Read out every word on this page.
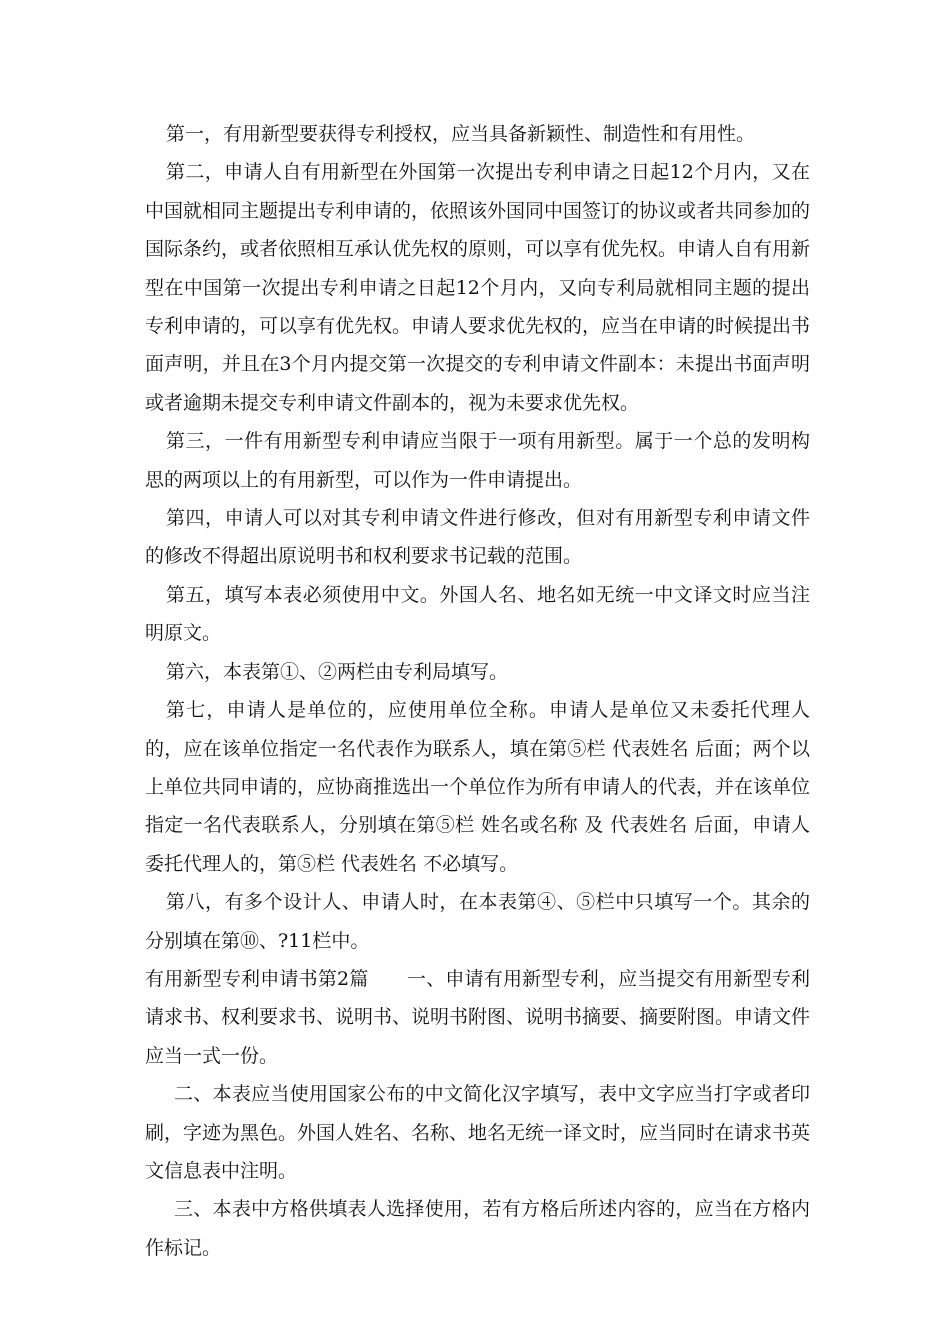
第一，有用新型要获得专利授权，应当具备新颖性、制造性和有用性。

第二，申请人自有用新型在外国第一次提出专利申请之日起12个月内，又在中国就相同主题提出专利申请的，依照该外国同中国签订的协议或者共同参加的国际条约，或者依照相互承认优先权的原则，可以享有优先权。申请人自有用新型在中国第一次提出专利申请之日起12个月内，又向专利局就相同主题的提出专利申请的，可以享有优先权。申请人要求优先权的，应当在申请的时候提出书面声明，并且在3个月内提交第一次提交的专利申请文件副本：未提出书面声明或者逾期未提交专利申请文件副本的，视为未要求优先权。

第三，一件有用新型专利申请应当限于一项有用新型。属于一个总的发明构思的两项以上的有用新型，可以作为一件申请提出。

第四，申请人可以对其专利申请文件进行修改，但对有用新型专利申请文件的修改不得超出原说明书和权利要求书记载的范围。

第五，填写本表必须使用中文。外国人名、地名如无统一中文译文时应当注明原文。

第六，本表第①、②两栏由专利局填写。

第七，申请人是单位的，应使用单位全称。申请人是单位又未委托代理人的，应在该单位指定一名代表作为联系人，填在第⑤栏 代表姓名 后面；两个以上单位共同申请的，应协商推选出一个单位作为所有申请人的代表，并在该单位指定一名代表联系人，分别填在第⑤栏 姓名或名称 及 代表姓名 后面，申请人委托代理人的，第⑤栏 代表姓名 不必填写。

第八，有多个设计人、申请人时，在本表第④、⑤栏中只填写一个。其余的分别填在第⑩、?11栏中。

有用新型专利申请书第2篇　　一、申请有用新型专利，应当提交有用新型专利请求书、权利要求书、说明书、说明书附图、说明书摘要、摘要附图。申请文件应当一式一份。

二、本表应当使用国家公布的中文简化汉字填写，表中文字应当打字或者印刷，字迹为黑色。外国人姓名、名称、地名无统一译文时，应当同时在请求书英文信息表中注明。

三、本表中方格供填表人选择使用，若有方格后所述内容的，应当在方格内作标记。
